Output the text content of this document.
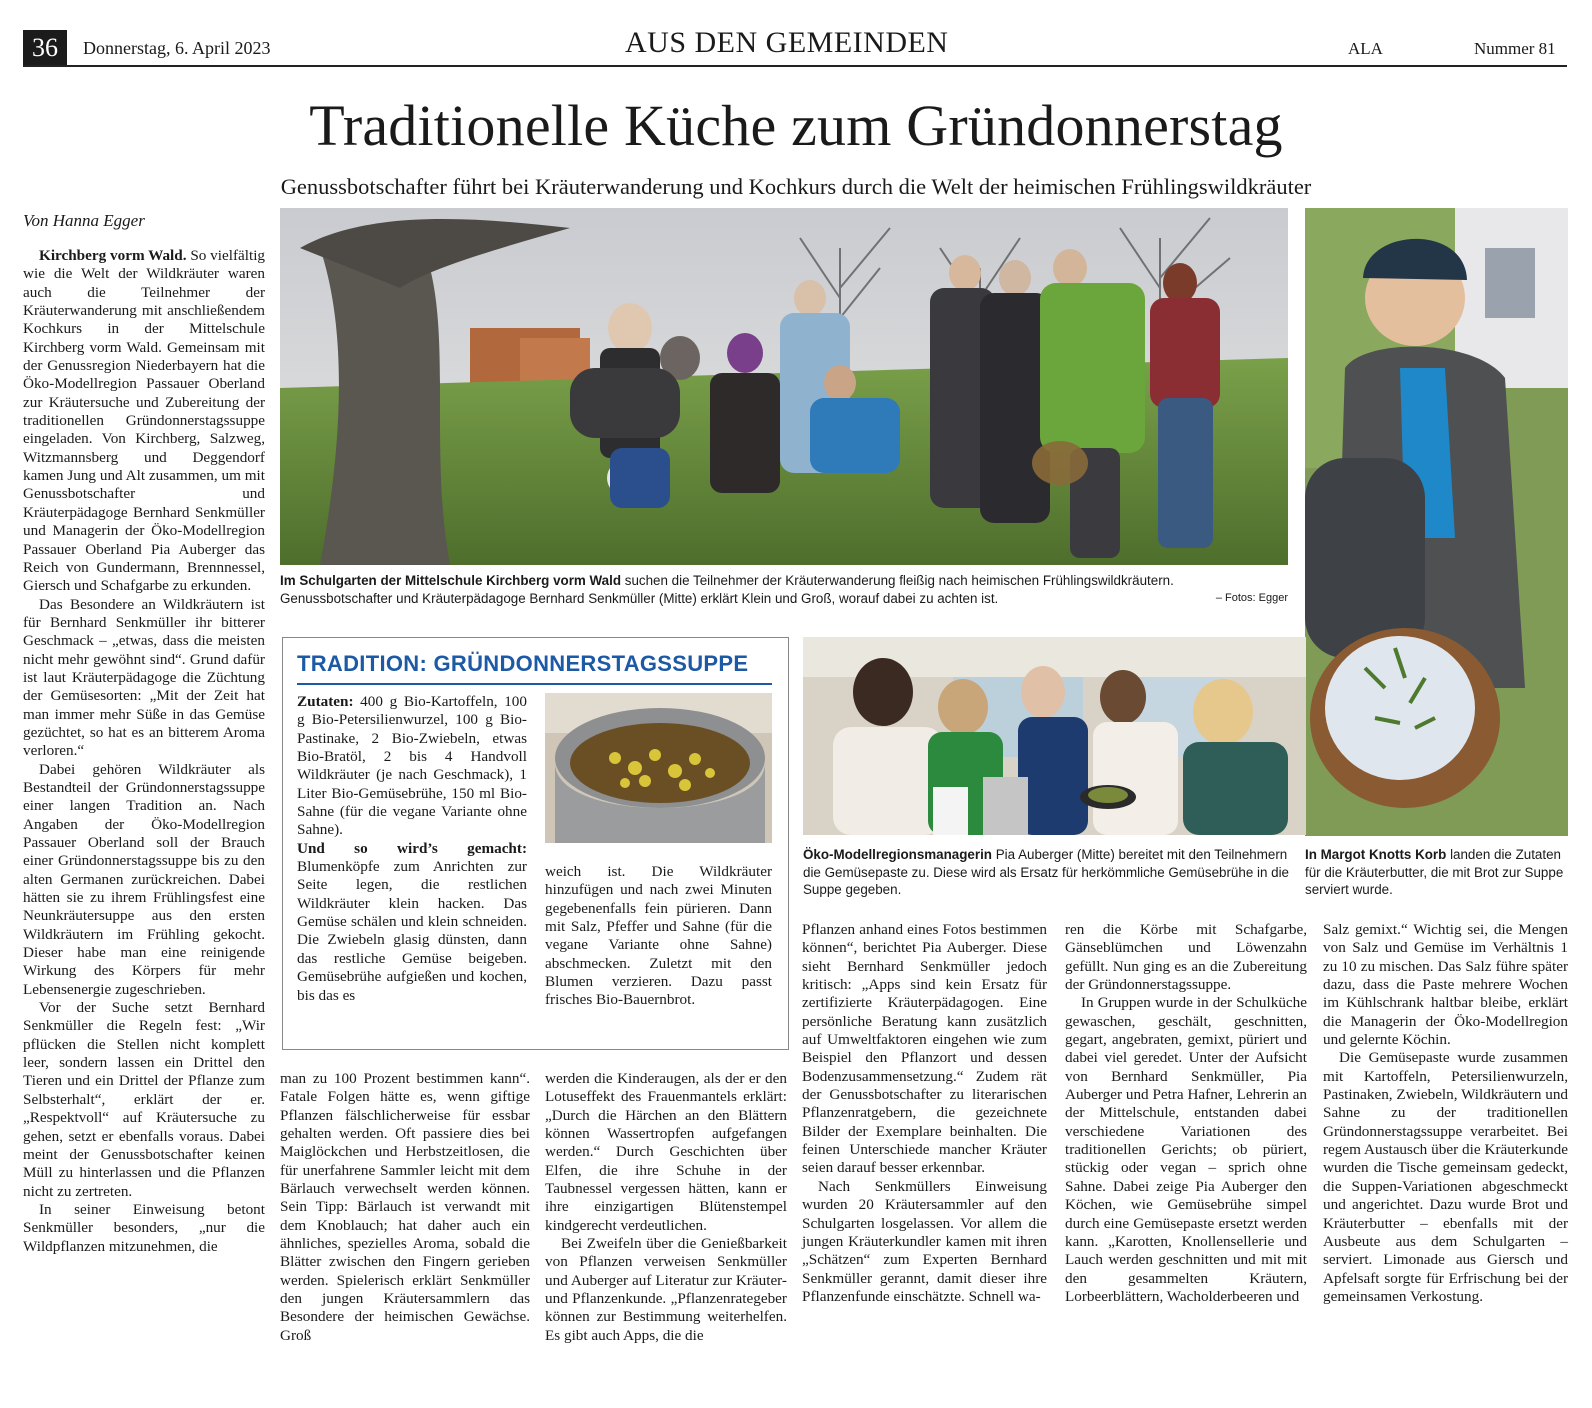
36	Donnerstag, 6. April 2023	AUS DEN GEMEINDEN	ALA	Nummer 81
Traditionelle Küche zum Gründonnerstag
Genussbotschafter führt bei Kräuterwanderung und Kochkurs durch die Welt der heimischen Frühlingswildkräuter
Von Hanna Egger

Kirchberg vorm Wald. So vielfältig wie die Welt der Wildkräuter waren auch die Teilnehmer der Kräuterwanderung mit anschließendem Kochkurs in der Mittelschule Kirchberg vorm Wald. Gemeinsam mit der Genussregion Niederbayern hat die Öko-Modellregion Passauer Oberland zur Kräutersuche und Zubereitung der traditionellen Gründonnerstagssuppe eingeladen. Von Kirchberg, Salzweg, Witzmannsberg und Deggendorf kamen Jung und Alt zusammen, um mit Genussbotschafter und Kräuterpädagoge Bernhard Senkmüller und Managerin der Öko-Modellregion Passauer Oberland Pia Auberger das Reich von Gundermann, Brennnessel, Giersch und Schafgarbe zu erkunden.

Das Besondere an Wildkräutern ist für Bernhard Senkmüller ihr bitterer Geschmack – „etwas, dass die meisten nicht mehr gewöhnt sind“. Grund dafür ist laut Kräuterpädagoge die Züchtung der Gemüsesorten: „Mit der Zeit hat man immer mehr Süße in das Gemüse gezüchtet, so hat es an bitterem Aroma verloren.“

Dabei gehören Wildkräuter als Bestandteil der Gründonnerstagssuppe einer langen Tradition an. Nach Angaben der Öko-Modellregion Passauer Oberland soll der Brauch einer Gründonnerstagssuppe bis zu den alten Germanen zurückreichen. Dabei hätten sie zu ihrem Frühlingsfest eine Neunkräutersuppe aus den ersten Wildkräutern im Frühling gekocht. Dieser habe man eine reinigende Wirkung des Körpers für mehr Lebensenergie zugeschrieben.

Vor der Suche setzt Bernhard Senkmüller die Regeln fest: „Wir pflücken die Stellen nicht komplett leer, sondern lassen ein Drittel den Tieren und ein Drittel der Pflanze zum Selbsterhalt“, erklärt der er. „Respektvoll“ auf Kräutersuche zu gehen, setzt er ebenfalls voraus. Dabei meint der Genussbotschafter keinen Müll zu hinterlassen und die Pflanzen nicht zu zertreten.

In seiner Einweisung betont Senkmüller besonders, „nur die Wildpflanzen mitzunehmen, die

Im Schulgarten der Mittelschule Kirchberg vorm Wald suchen die Teilnehmer der Kräuterwanderung fleißig nach heimischen Frühlingswildkräutern. Genussbotschafter und Kräuterpädagoge Bernhard Senkmüller (Mitte) erklärt Klein und Groß, worauf dabei zu achten ist.	– Fotos: Egger
In Margot Knotts Korb landen die Zutaten für die Kräuterbutter, die mit Brot zur Suppe serviert wurde.
Öko-Modellregionsmanagerin Pia Auberger (Mitte) bereitet mit den Teilnehmern die Gemüsepaste zu. Diese wird als Ersatz für herkömmliche Gemüsebrühe in die Suppe gegeben.
TRADITION: GRÜNDONNERSTAGSSUPPE

Zutaten: 400 g Bio-Kartoffeln, 100 g Bio-Petersilienwurzel, 100 g Bio-Pastinake, 2 Bio-Zwiebeln, etwas Bio-Bratöl, 2 bis 4 Handvoll Wildkräuter (je nach Geschmack), 1 Liter Bio-Gemüsebrühe, 150 ml Bio-Sahne (für die vegane Variante ohne Sahne).

Und so wird’s gemacht: Blumenköpfe zum Anrichten zur Seite legen, die restlichen Wildkräuter klein hacken. Das Gemüse schälen und klein schneiden. Die Zwiebeln glasig dünsten, dann das restliche Gemüse beigeben. Gemüsebrühe aufgießen und kochen, bis das es

weich ist. Die Wildkräuter hinzufügen und nach zwei Minuten gegebenenfalls fein pürieren. Dann mit Salz, Pfeffer und Sahne (für die vegane Variante ohne Sahne) abschmecken. Zuletzt mit den Blumen verzieren. Dazu passt frisches Bio-Bauernbrot.

man zu 100 Prozent bestimmen kann“. Fatale Folgen hätte es, wenn giftige Pflanzen fälschlicherweise für essbar gehalten werden. Oft passiere dies bei Maiglöckchen und Herbstzeitlosen, die für unerfahrene Sammler leicht mit dem Bärlauch verwechselt werden können. Sein Tipp: Bärlauch ist verwandt mit dem Knoblauch; hat daher auch ein ähnliches, spezielles Aroma, sobald die Blätter zwischen den Fingern gerieben werden. Spielerisch erklärt Senkmüller den jungen Kräutersammlern das Besondere der heimischen Gewächse. Groß

werden die Kinderaugen, als der er den Lotuseffekt des Frauenmantels erklärt: „Durch die Härchen an den Blättern können Wassertropfen aufgefangen werden.“ Durch Geschichten über Elfen, die ihre Schuhe in der Taubnessel vergessen hätten, kann er ihre einzigartigen Blütenstempel kindgerecht verdeutlichen.

Bei Zweifeln über die Genießbarkeit von Pflanzen verweisen Senkmüller und Auberger auf Literatur zur Kräuter- und Pflanzenkunde. „Pflanzenrategeber können zur Bestimmung weiterhelfen. Es gibt auch Apps, die die

Pflanzen anhand eines Fotos bestimmen können“, berichtet Pia Auberger. Diese sieht Bernhard Senkmüller jedoch kritisch: „Apps sind kein Ersatz für zertifizierte Kräuterpädagogen. Eine persönliche Beratung kann zusätzlich auf Umweltfaktoren eingehen wie zum Beispiel den Pflanzort und dessen Bodenzusammensetzung.“ Zudem rät der Genussbotschafter zu literarischen Pflanzenratgebern, die gezeichnete Bilder der Exemplare beinhalten. Die feinen Unterschiede mancher Kräuter seien darauf besser erkennbar.

Nach Senkmüllers Einweisung wurden 20 Kräutersammler auf den Schulgarten losgelassen. Vor allem die jungen Kräuterkundler kamen mit ihren „Schätzen“ zum Experten Bernhard Senkmüller gerannt, damit dieser ihre Pflanzenfunde einschätzte. Schnell wa-

ren die Körbe mit Schafgarbe, Gänseblümchen und Löwenzahn gefüllt. Nun ging es an die Zubereitung der Gründonnerstagssuppe.

In Gruppen wurde in der Schulküche gewaschen, geschält, geschnitten, gegart, angebraten, gemixt, püriert und dabei viel geredet. Unter der Aufsicht von Bernhard Senkmüller, Pia Auberger und Petra Hafner, Lehrerin an der Mittelschule, entstanden dabei verschiedene Variationen des traditionellen Gerichts; ob püriert, stückig oder vegan – sprich ohne Sahne. Dabei zeige Pia Auberger den Köchen, wie Gemüsebrühe simpel durch eine Gemüsepaste ersetzt werden kann. „Karotten, Knollensellerie und Lauch werden geschnitten und mit mit den gesammelten Kräutern, Lorbeerblättern, Wacholderbeeren und

Salz gemixt.“ Wichtig sei, die Mengen von Salz und Gemüse im Verhältnis 1 zu 10 zu mischen. Das Salz führe später dazu, dass die Paste mehrere Wochen im Kühlschrank haltbar bleibe, erklärt die Managerin der Öko-Modellregion und gelernte Köchin.

Die Gemüsepaste wurde zusammen mit Kartoffeln, Petersilienwurzeln, Pastinaken, Zwiebeln, Wildkräutern und Sahne zu der traditionellen Gründonnerstagssuppe verarbeitet. Bei regem Austausch über die Kräuterkunde wurden die Tische gemeinsam gedeckt, die Suppen-Variationen abgeschmeckt und angerichtet. Dazu wurde Brot und Kräuterbutter – ebenfalls mit der Ausbeute aus dem Schulgarten – serviert. Limonade aus Giersch und Apfelsaft sorgte für Erfrischung bei der gemeinsamen Verkostung.
